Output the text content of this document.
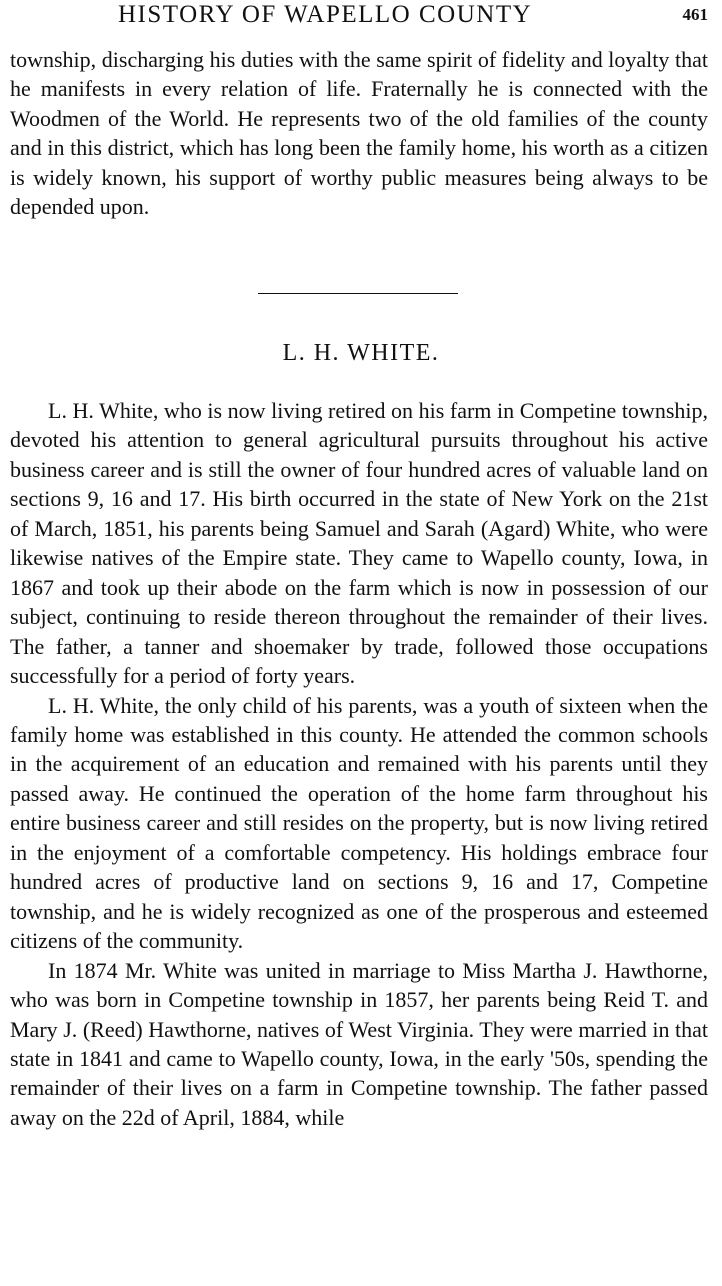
HISTORY OF WAPELLO COUNTY	461

township, discharging his duties with the same spirit of fidelity and loyalty that he manifests in every relation of life. Fraternally he is connected with the Woodmen of the World. He represents two of the old families of the county and in this district, which has long been the family home, his worth as a citizen is widely known, his support of worthy public measures being always to be depended upon.

L. H. WHITE.

L. H. White, who is now living retired on his farm in Competine township, devoted his attention to general agricultural pursuits throughout his active business career and is still the owner of four hundred acres of valuable land on sections 9, 16 and 17. His birth occurred in the state of New York on the 21st of March, 1851, his parents being Samuel and Sarah (Agard) White, who were likewise natives of the Empire state. They came to Wapello county, Iowa, in 1867 and took up their abode on the farm which is now in possession of our subject, continuing to reside thereon throughout the remainder of their lives. The father, a tanner and shoemaker by trade, followed those occupations successfully for a period of forty years.

L. H. White, the only child of his parents, was a youth of sixteen when the family home was established in this county. He attended the common schools in the acquirement of an education and remained with his parents until they passed away. He continued the operation of the home farm throughout his entire business career and still resides on the property, but is now living retired in the enjoyment of a comfortable competency. His holdings embrace four hundred acres of productive land on sections 9, 16 and 17, Competine township, and he is widely recognized as one of the prosperous and esteemed citizens of the community.

In 1874 Mr. White was united in marriage to Miss Martha J. Hawthorne, who was born in Competine township in 1857, her parents being Reid T. and Mary J. (Reed) Hawthorne, natives of West Virginia. They were married in that state in 1841 and came to Wapello county, Iowa, in the early '50s, spending the remainder of their lives on a farm in Competine township. The father passed away on the 22d of April, 1884, while
